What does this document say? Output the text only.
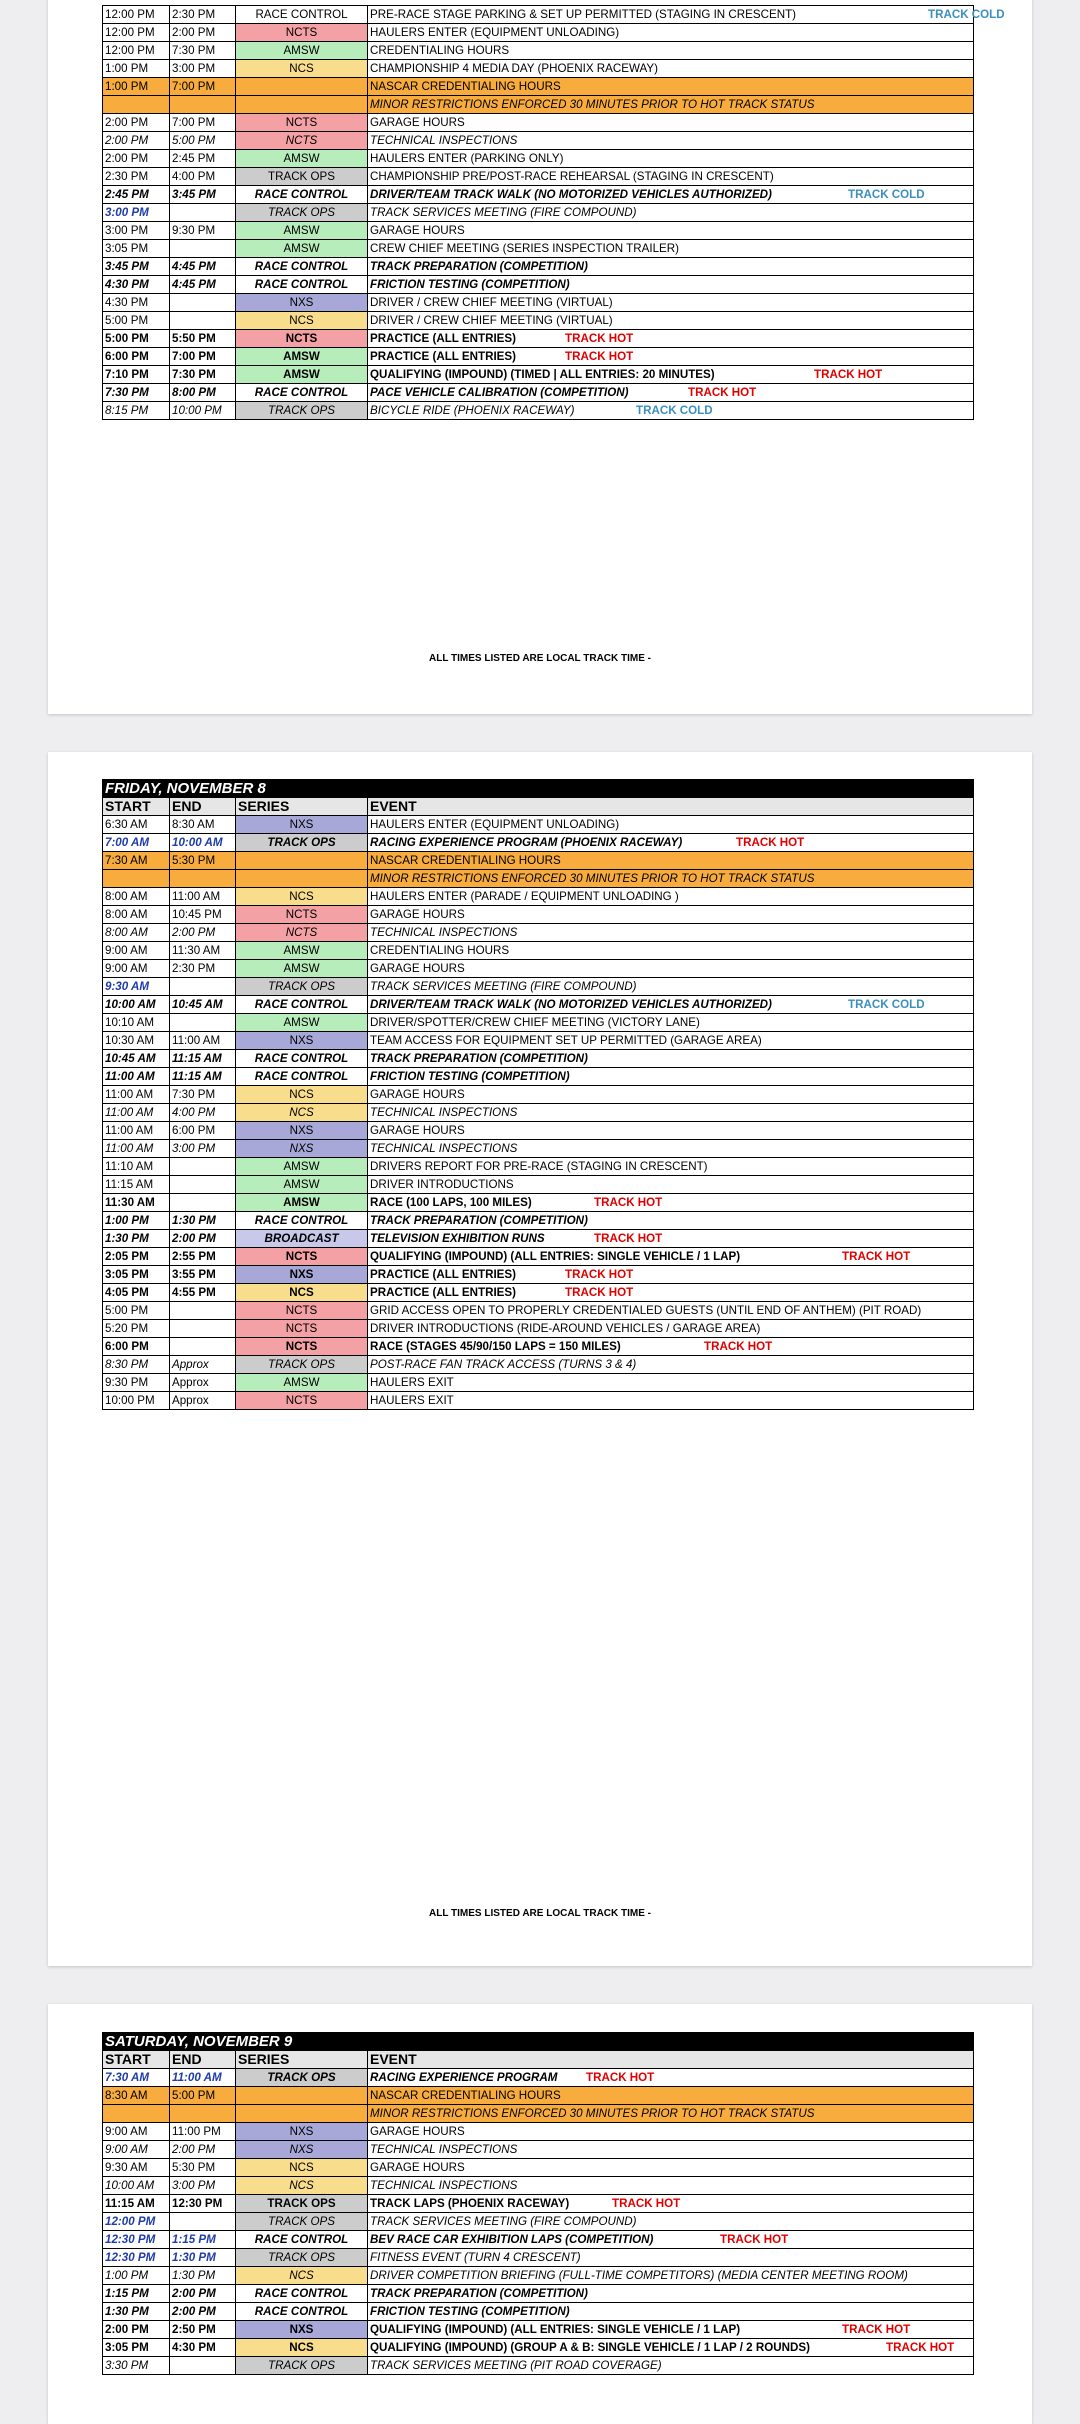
12:00 PM	2:30 PM	RACE CONTROL	PRE-RACE STAGE PARKING & SET UP PERMITTED (STAGING IN CRESCENT) TRACK COLD

12:00 PM	2:00 PM	NCTS	HAULERS ENTER (EQUIPMENT UNLOADING)
12:00 PM	7:30 PM	AMSW	CREDENTIALING HOURS
1:00 PM	3:00 PM	NCS	CHAMPIONSHIP 4 MEDIA DAY (PHOENIX RACEWAY)
1:00 PM	7:00 PM		NASCAR CREDENTIALING HOURS
			MINOR RESTRICTIONS ENFORCED 30 MINUTES PRIOR TO HOT TRACK STATUS
2:00 PM	7:00 PM	NCTS	GARAGE HOURS
2:00 PM	5:00 PM	NCTS	TECHNICAL INSPECTIONS
2:00 PM	2:45 PM	AMSW	HAULERS ENTER (PARKING ONLY)
2:30 PM	4:00 PM	TRACK OPS	CHAMPIONSHIP PRE/POST-RACE REHEARSAL (STAGING IN CRESCENT)
2:45 PM	3:45 PM	RACE CONTROL	DRIVER/TEAM TRACK WALK (NO MOTORIZED VEHICLES AUTHORIZED) TRACK COLD

3:00 PM		TRACK OPS	TRACK SERVICES MEETING (FIRE COMPOUND)
3:00 PM	9:30 PM	AMSW	GARAGE HOURS
3:05 PM		AMSW	CREW CHIEF MEETING (SERIES INSPECTION TRAILER)
3:45 PM	4:45 PM	RACE CONTROL	TRACK PREPARATION (COMPETITION)
4:30 PM	4:45 PM	RACE CONTROL	FRICTION TESTING (COMPETITION)
4:30 PM		NXS	DRIVER / CREW CHIEF MEETING (VIRTUAL)
5:00 PM		NCS	DRIVER / CREW CHIEF MEETING (VIRTUAL)
5:00 PM	5:50 PM	NCTS	PRACTICE (ALL ENTRIES) TRACK HOT

6:00 PM	7:00 PM	AMSW	PRACTICE (ALL ENTRIES) TRACK HOT

7:10 PM	7:30 PM	AMSW	QUALIFYING (IMPOUND) (TIMED | ALL ENTRIES: 20 MINUTES) TRACK HOT

7:30 PM	8:00 PM	RACE CONTROL	PACE VEHICLE CALIBRATION (COMPETITION) TRACK HOT

8:15 PM	10:00 PM	TRACK OPS	BICYCLE RIDE (PHOENIX RACEWAY) TRACK COLD
ALL TIMES LISTED ARE LOCAL TRACK TIME -
FRIDAY, NOVEMBER 8			
START	END	SERIES	EVENT
6:30 AM	8:30 AM	NXS	HAULERS ENTER (EQUIPMENT UNLOADING)
7:00 AM	10:00 AM	TRACK OPS	RACING EXPERIENCE PROGRAM (PHOENIX RACEWAY) TRACK HOT

7:30 AM	5:30 PM		NASCAR CREDENTIALING HOURS
			MINOR RESTRICTIONS ENFORCED 30 MINUTES PRIOR TO HOT TRACK STATUS
8:00 AM	11:00 AM	NCS	HAULERS ENTER (PARADE / EQUIPMENT UNLOADING )
8:00 AM	10:45 PM	NCTS	GARAGE HOURS
8:00 AM	2:00 PM	NCTS	TECHNICAL INSPECTIONS
9:00 AM	11:30 AM	AMSW	CREDENTIALING HOURS
9:00 AM	2:30 PM	AMSW	GARAGE HOURS
9:30 AM		TRACK OPS	TRACK SERVICES MEETING (FIRE COMPOUND)
10:00 AM	10:45 AM	RACE CONTROL	DRIVER/TEAM TRACK WALK (NO MOTORIZED VEHICLES AUTHORIZED) TRACK COLD

10:10 AM		AMSW	DRIVER/SPOTTER/CREW CHIEF MEETING (VICTORY LANE)
10:30 AM	11:00 AM	NXS	TEAM ACCESS FOR EQUIPMENT SET UP PERMITTED (GARAGE AREA)
10:45 AM	11:15 AM	RACE CONTROL	TRACK PREPARATION (COMPETITION)
11:00 AM	11:15 AM	RACE CONTROL	FRICTION TESTING (COMPETITION)
11:00 AM	7:30 PM	NCS	GARAGE HOURS
11:00 AM	4:00 PM	NCS	TECHNICAL INSPECTIONS
11:00 AM	6:00 PM	NXS	GARAGE HOURS
11:00 AM	3:00 PM	NXS	TECHNICAL INSPECTIONS
11:10 AM		AMSW	DRIVERS REPORT FOR PRE-RACE (STAGING IN CRESCENT)
11:15 AM		AMSW	DRIVER INTRODUCTIONS
11:30 AM		AMSW	RACE (100 LAPS, 100 MILES) TRACK HOT

1:00 PM	1:30 PM	RACE CONTROL	TRACK PREPARATION (COMPETITION)
1:30 PM	2:00 PM	BROADCAST	TELEVISION EXHIBITION RUNS TRACK HOT

2:05 PM	2:55 PM	NCTS	QUALIFYING (IMPOUND) (ALL ENTRIES: SINGLE VEHICLE / 1 LAP) TRACK HOT

3:05 PM	3:55 PM	NXS	PRACTICE (ALL ENTRIES) TRACK HOT

4:05 PM	4:55 PM	NCS	PRACTICE (ALL ENTRIES) TRACK HOT

5:00 PM		NCTS	GRID ACCESS OPEN TO PROPERLY CREDENTIALED GUESTS (UNTIL END OF ANTHEM) (PIT ROAD)
5:20 PM		NCTS	DRIVER INTRODUCTIONS (RIDE-AROUND VEHICLES / GARAGE AREA)
6:00 PM		NCTS	RACE (STAGES 45/90/150 LAPS = 150 MILES) TRACK HOT

8:30 PM	Approx	TRACK OPS	POST-RACE FAN TRACK ACCESS (TURNS 3 & 4)
9:30 PM	Approx	AMSW	HAULERS EXIT
10:00 PM	Approx	NCTS	HAULERS EXIT
ALL TIMES LISTED ARE LOCAL TRACK TIME -
SATURDAY, NOVEMBER 9			
START	END	SERIES	EVENT
7:30 AM	11:00 AM	TRACK OPS	RACING EXPERIENCE PROGRAM TRACK HOT

8:30 AM	5:00 PM		NASCAR CREDENTIALING HOURS
			MINOR RESTRICTIONS ENFORCED 30 MINUTES PRIOR TO HOT TRACK STATUS
9:00 AM	11:00 PM	NXS	GARAGE HOURS
9:00 AM	2:00 PM	NXS	TECHNICAL INSPECTIONS
9:30 AM	5:30 PM	NCS	GARAGE HOURS
10:00 AM	3:00 PM	NCS	TECHNICAL INSPECTIONS
11:15 AM	12:30 PM	TRACK OPS	TRACK LAPS (PHOENIX RACEWAY) TRACK HOT

12:00 PM		TRACK OPS	TRACK SERVICES MEETING (FIRE COMPOUND)
12:30 PM	1:15 PM	RACE CONTROL	BEV RACE CAR EXHIBITION LAPS (COMPETITION) TRACK HOT

12:30 PM	1:30 PM	TRACK OPS	FITNESS EVENT (TURN 4 CRESCENT)
1:00 PM	1:30 PM	NCS	DRIVER COMPETITION BRIEFING (FULL-TIME COMPETITORS) (MEDIA CENTER MEETING ROOM)
1:15 PM	2:00 PM	RACE CONTROL	TRACK PREPARATION (COMPETITION)
1:30 PM	2:00 PM	RACE CONTROL	FRICTION TESTING (COMPETITION)
2:00 PM	2:50 PM	NXS	QUALIFYING (IMPOUND) (ALL ENTRIES: SINGLE VEHICLE / 1 LAP) TRACK HOT

3:05 PM	4:30 PM	NCS	QUALIFYING (IMPOUND) (GROUP A & B: SINGLE VEHICLE / 1 LAP / 2 ROUNDS) TRACK HOT

3:30 PM		TRACK OPS	TRACK SERVICES MEETING (PIT ROAD COVERAGE)
